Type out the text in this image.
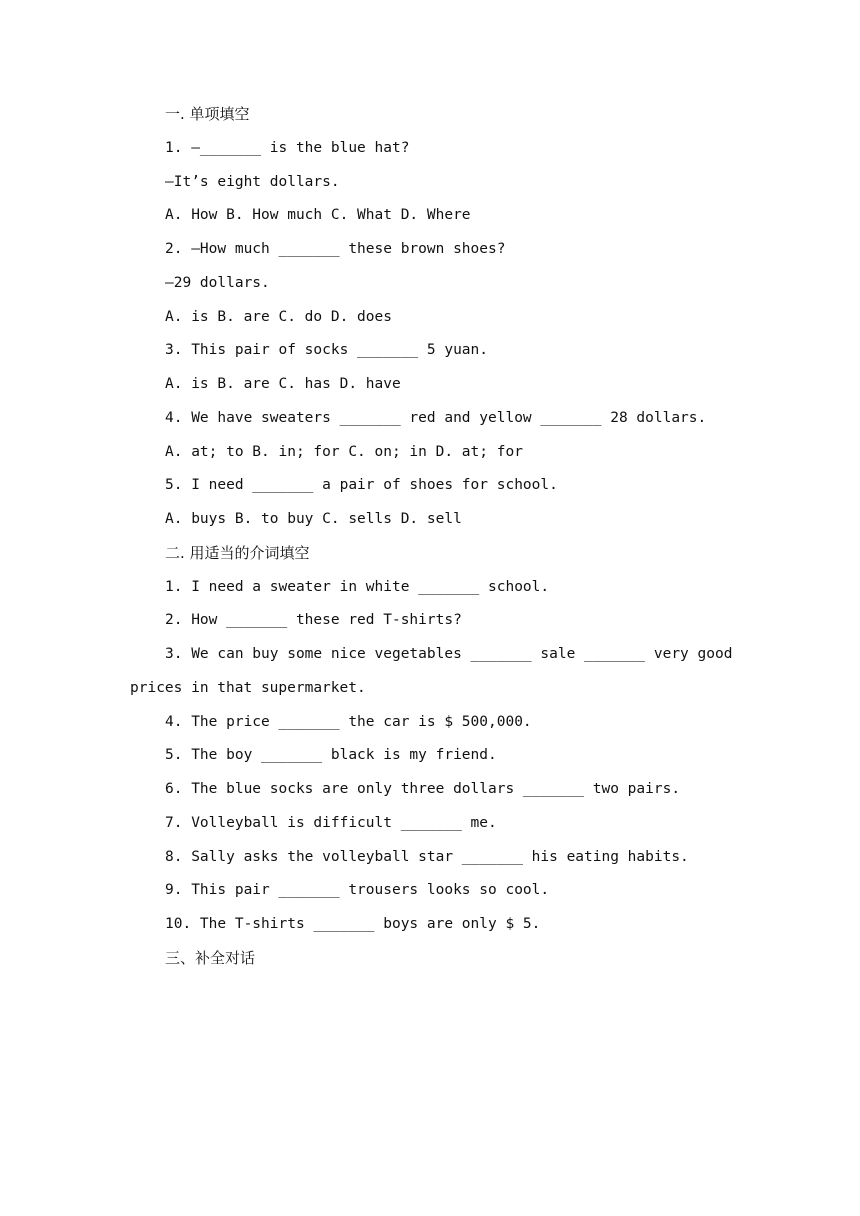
一. 单项填空
1. —_______ is the blue hat?
—It’s eight dollars.
A. How B. How much C. What D. Where
2. —How much _______ these brown shoes?
—29 dollars.
A. is B. are C. do D. does
3. This pair of socks _______ 5 yuan.
A. is B. are C. has D. have
4. We have sweaters _______ red and yellow _______ 28 dollars.
A. at; to B. in; for C. on; in D. at; for
5. I need _______ a pair of shoes for school.
A. buys B. to buy C. sells D. sell
二. 用适当的介词填空
1. I need a sweater in white _______ school.
2. How _______ these red T-shirts?
3. We can buy some nice vegetables _______ sale _______ very good
prices in that supermarket.
4. The price _______ the car is $ 500,000.
5. The boy _______ black is my friend.
6. The blue socks are only three dollars _______ two pairs.
7. Volleyball is difficult _______ me.
8. Sally asks the volleyball star _______ his eating habits.
9. This pair _______ trousers looks so cool.
10. The T-shirts _______ boys are only $ 5.
三、补全对话
